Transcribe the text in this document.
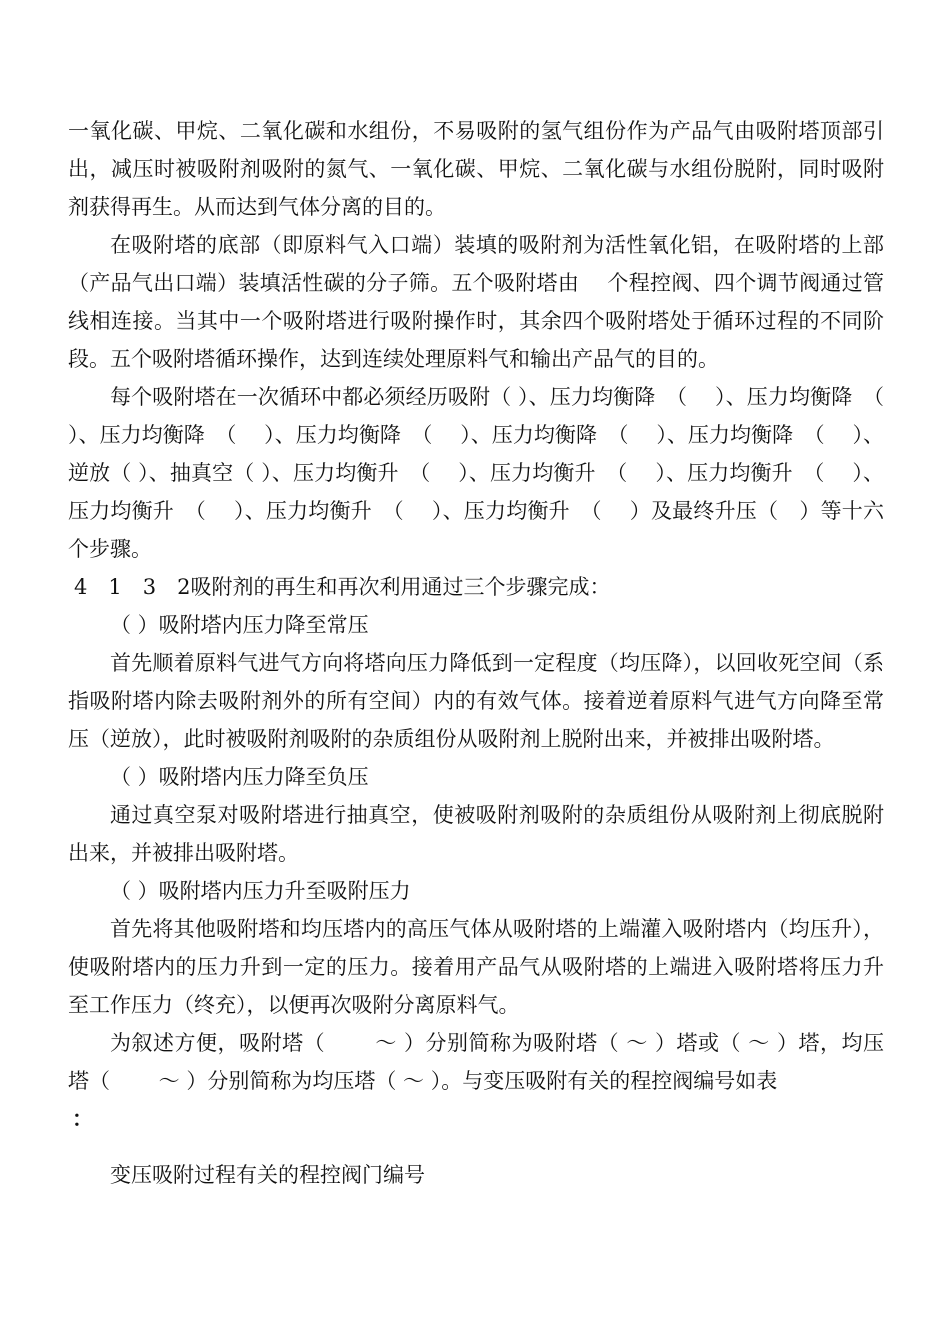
一氧化碳、甲烷、二氧化碳和水组份，不易吸附的氢气组份作为产品气由吸附塔顶部引出，减压时被吸附剂吸附的氮气、一氧化碳、甲烷、二氧化碳与水组份脱附，同时吸附剂获得再生。从而达到气体分离的目的。

在吸附塔的底部（即原料气入口端）装填的吸附剂为活性氧化铝，在吸附塔的上部（产品气出口端）装填活性碳的分子筛。五个吸附塔由　 个程控阀、四个调节阀通过管线相连接。当其中一个吸附塔进行吸附操作时，其余四个吸附塔处于循环过程的不同阶段。五个吸附塔循环操作，达到连续处理原料气和输出产品气的目的。

每个吸附塔在一次循环中都必须经历吸附（ ）、压力均衡降　（　 ）、压力均衡降　（　 ）、压力均衡降　（　 ）、压力均衡降　（　 ）、压力均衡降　（　 ）、压力均衡降　（　 ）、逆放（ ）、抽真空（ ）、压力均衡升　（　 ）、压力均衡升　（　 ）、压力均衡升　（　 ）、压力均衡升　（　 ）、压力均衡升　（　 ）、压力均衡升　（　 ）及最终升压（　）等十六个步骤。

4　1　3　2吸附剂的再生和再次利用通过三个步骤完成：

（ ）吸附塔内压力降至常压

首先顺着原料气进气方向将塔向压力降低到一定程度（均压降），以回收死空间（系指吸附塔内除去吸附剂外的所有空间）内的有效气体。接着逆着原料气进气方向降至常压（逆放），此时被吸附剂吸附的杂质组份从吸附剂上脱附出来，并被排出吸附塔。

（ ）吸附塔内压力降至负压

通过真空泵对吸附塔进行抽真空，使被吸附剂吸附的杂质组份从吸附剂上彻底脱附出来，并被排出吸附塔。

（ ）吸附塔内压力升至吸附压力

首先将其他吸附塔和均压塔内的高压气体从吸附塔的上端灌入吸附塔内（均压升），使吸附塔内的压力升到一定的压力。接着用产品气从吸附塔的上端进入吸附塔将压力升至工作压力（终充），以便再次吸附分离原料气。

为叙述方便，吸附塔（　　 ～ ）分别简称为吸附塔（ ～ ）塔或（ ～ ）塔，均压塔（　　 ～ ）分别简称为均压塔（ ～ ）。与变压吸附有关的程控阀编号如表

：

变压吸附过程有关的程控阀门编号
